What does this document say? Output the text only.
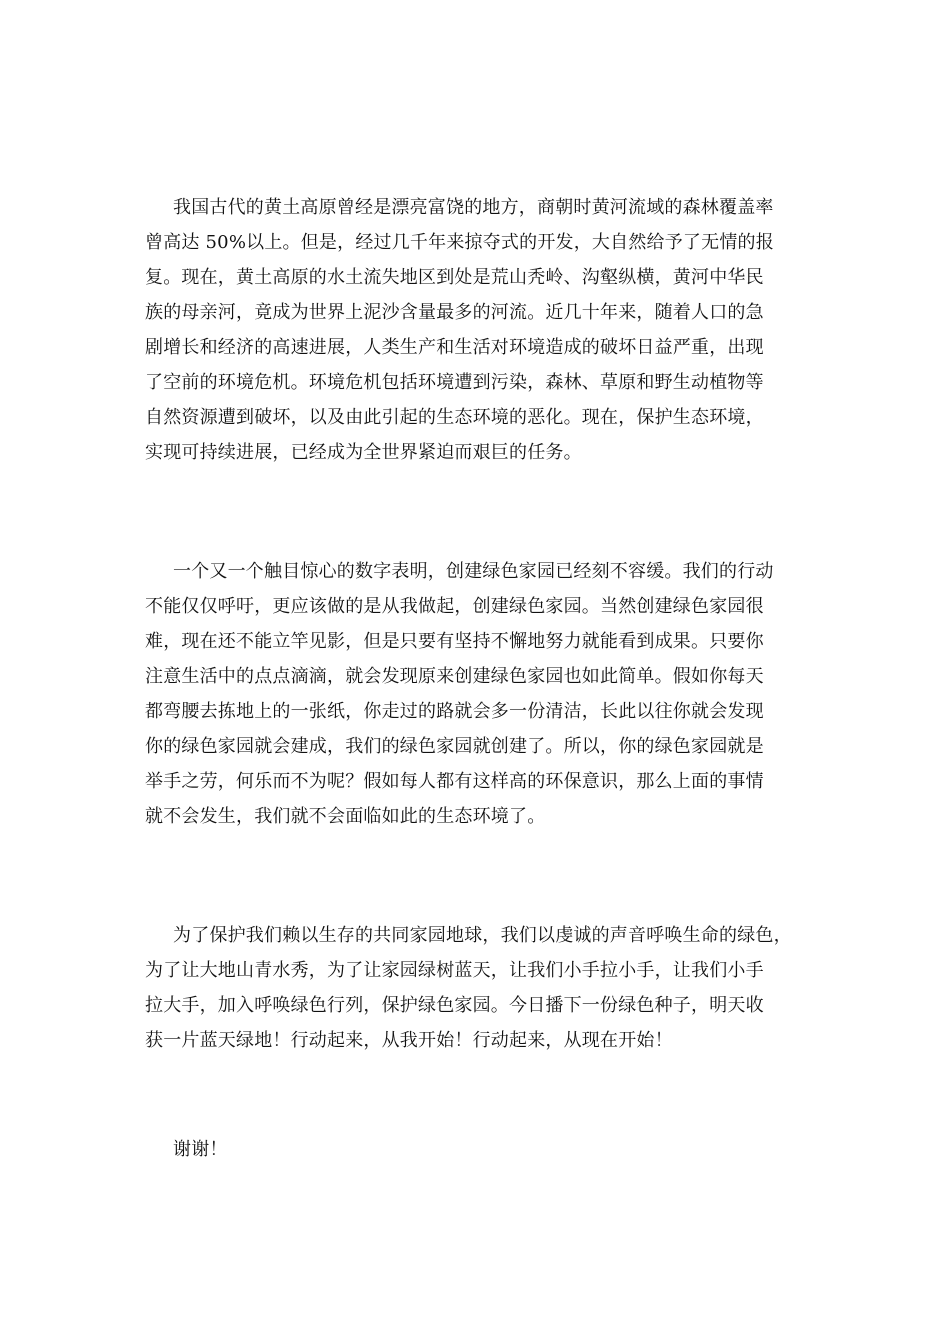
我国古代的黄土高原曾经是漂亮富饶的地方，商朝时黄河流域的森林覆盖率
曾高达 50%以上。但是，经过几千年来掠夺式的开发，大自然给予了无情的报
复。现在，黄土高原的水土流失地区到处是荒山秃岭、沟壑纵横，黄河中华民
族的母亲河，竟成为世界上泥沙含量最多的河流。近几十年来，随着人口的急
剧增长和经济的高速进展，人类生产和生活对环境造成的破坏日益严重，出现
了空前的环境危机。环境危机包括环境遭到污染，森林、草原和野生动植物等
自然资源遭到破坏，以及由此引起的生态环境的恶化。现在，保护生态环境，
实现可持续进展，已经成为全世界紧迫而艰巨的任务。
一个又一个触目惊心的数字表明，创建绿色家园已经刻不容缓。我们的行动
不能仅仅呼吁，更应该做的是从我做起，创建绿色家园。当然创建绿色家园很
难，现在还不能立竿见影，但是只要有坚持不懈地努力就能看到成果。只要你
注意生活中的点点滴滴，就会发现原来创建绿色家园也如此简单。假如你每天
都弯腰去拣地上的一张纸，你走过的路就会多一份清洁，长此以往你就会发现
你的绿色家园就会建成，我们的绿色家园就创建了。所以，你的绿色家园就是
举手之劳，何乐而不为呢？假如每人都有这样高的环保意识，那么上面的事情
就不会发生，我们就不会面临如此的生态环境了。
为了保护我们赖以生存的共同家园地球，我们以虔诚的声音呼唤生命的绿色，
为了让大地山青水秀，为了让家园绿树蓝天，让我们小手拉小手，让我们小手
拉大手，加入呼唤绿色行列，保护绿色家园。今日播下一份绿色种子，明天收
获一片蓝天绿地！行动起来，从我开始！行动起来，从现在开始！
谢谢！
